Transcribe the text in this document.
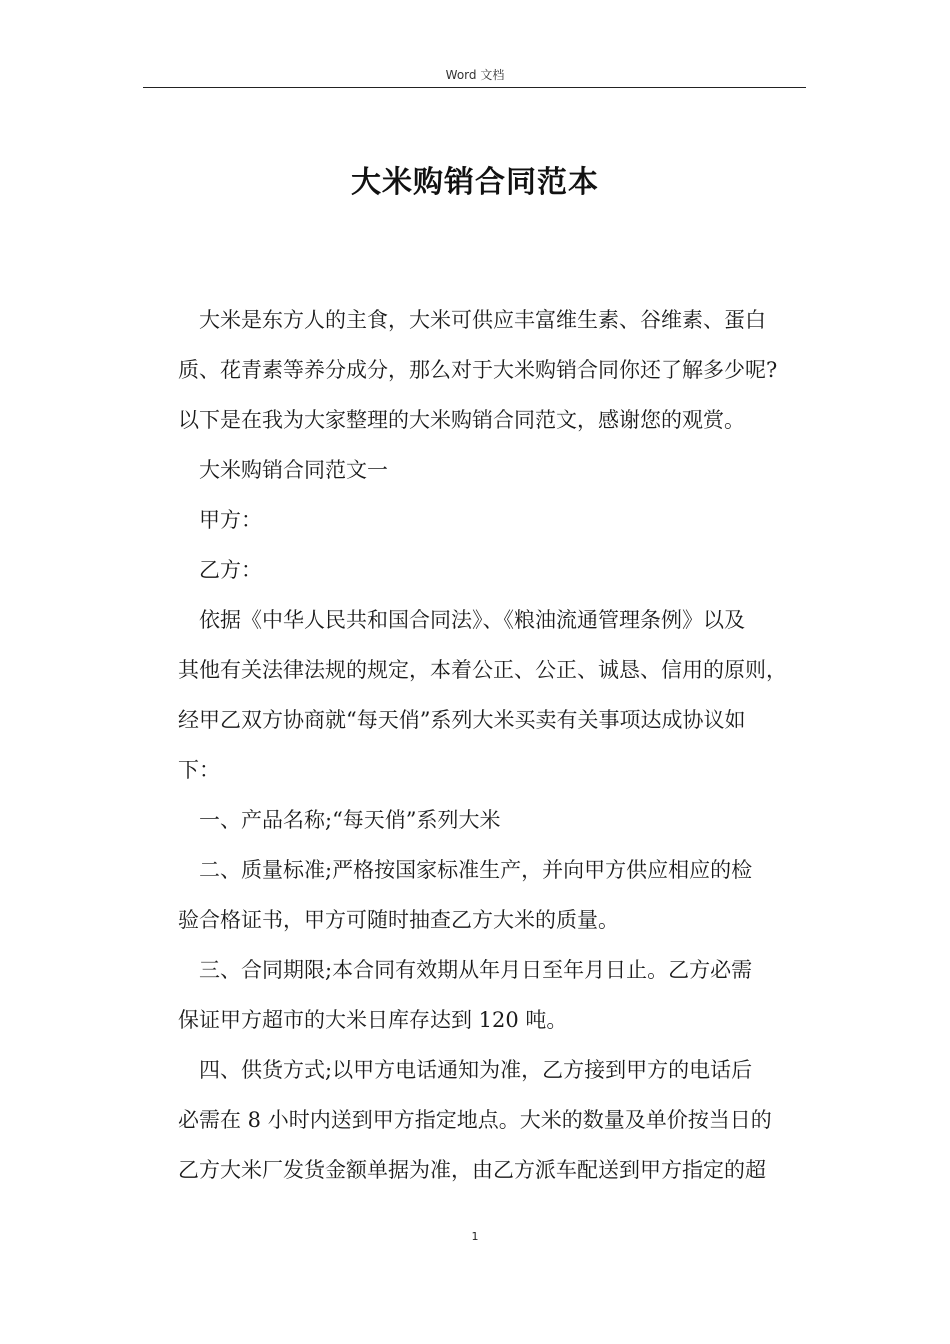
Word 文档
大米购销合同范本

大米是东方人的主食，大米可供应丰富维生素、谷维素、蛋白

质、花青素等养分成分，那么对于大米购销合同你还了解多少呢?

以下是在我为大家整理的大米购销合同范文，感谢您的观赏。

大米购销合同范文一

甲方：

乙方：

依据《中华人民共和国合同法》、《粮油流通管理条例》以及

其他有关法律法规的规定，本着公正、公正、诚恳、信用的原则，

经甲乙双方协商就“每天俏”系列大米买卖有关事项达成协议如

下：

一、产品名称;“每天俏”系列大米

二、质量标准;严格按国家标准生产，并向甲方供应相应的检

验合格证书，甲方可随时抽查乙方大米的质量。

三、合同期限;本合同有效期从年月日至年月日止。乙方必需

保证甲方超市的大米日库存达到 120 吨。

四、供货方式;以甲方电话通知为准，乙方接到甲方的电话后

必需在 8 小时内送到甲方指定地点。大米的数量及单价按当日的

乙方大米厂发货金额单据为准，由乙方派车配送到甲方指定的超

1
